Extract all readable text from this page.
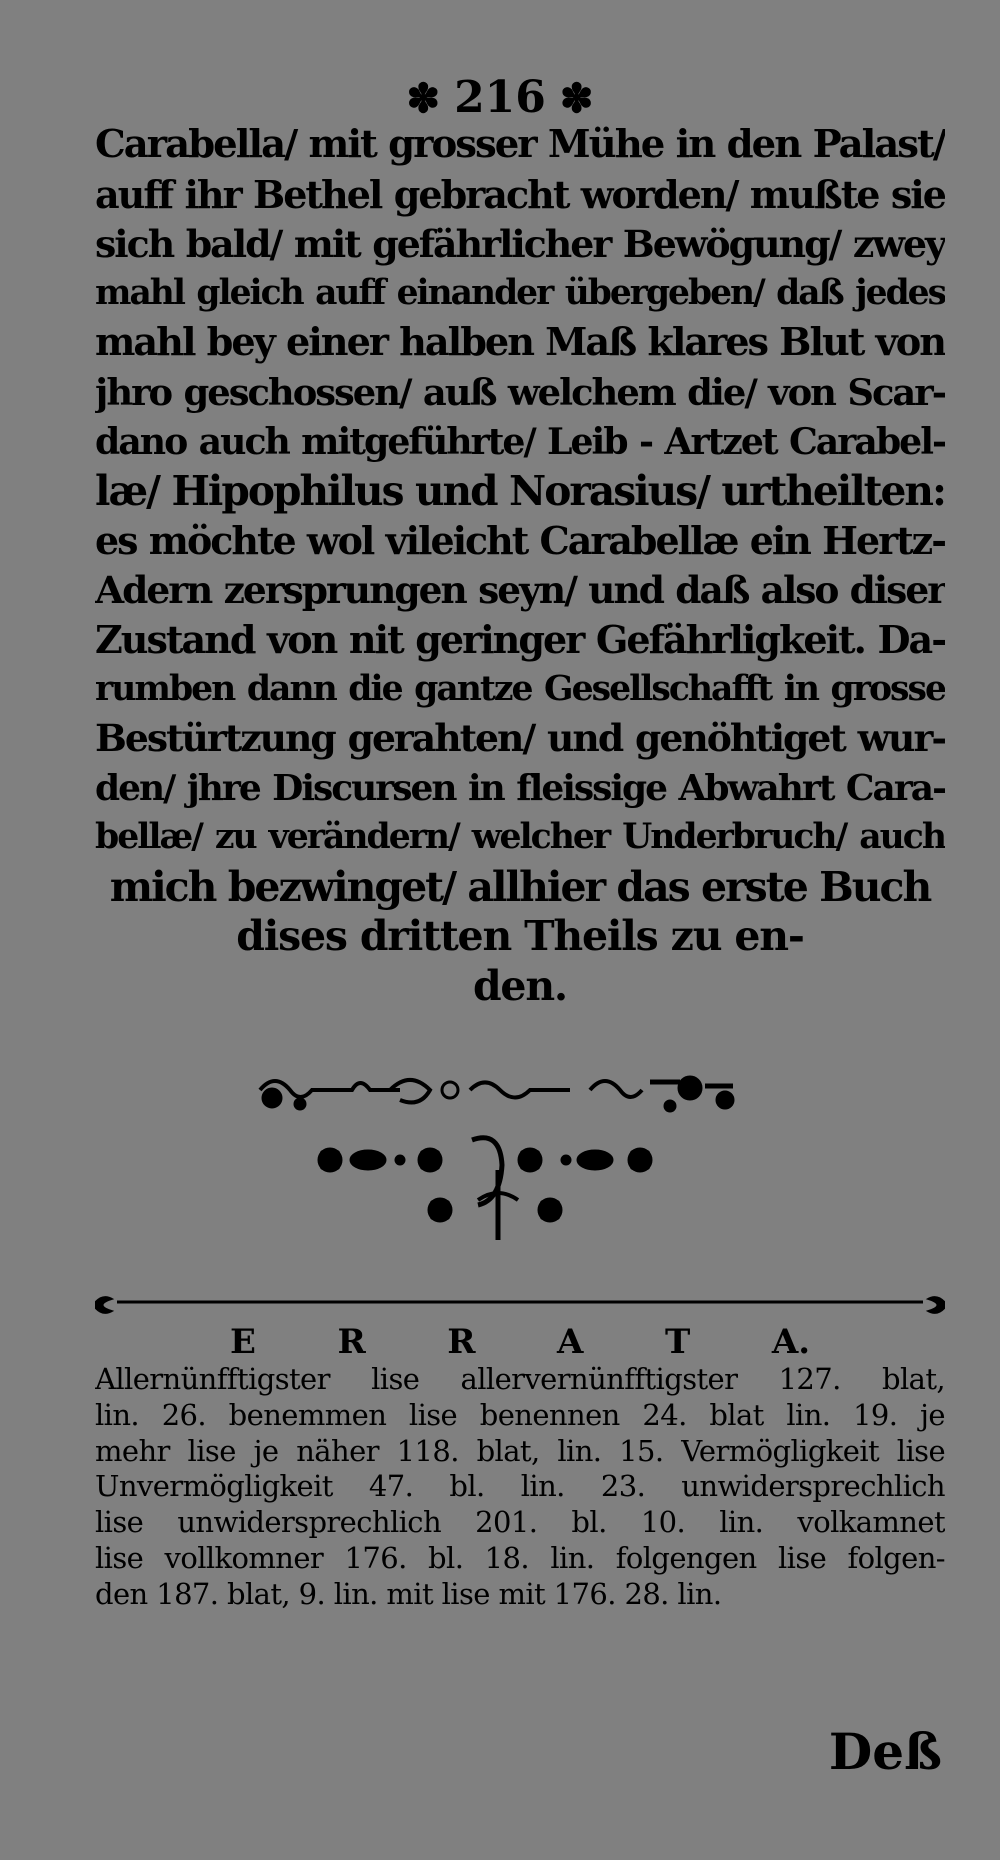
✽ 216 ✽
Carabella/ mit grosser Mühe in den Palast/
auff ihr Bethel gebracht worden/ mußte sie
sich bald/ mit gefährlicher Bewögung/ zwey
mahl gleich auff einander übergeben/ daß jedes
mahl bey einer halben Maß klares Blut von
jhro geschossen/ auß welchem die/ von Scar-
dano auch mitgeführte/ Leib - Artzet Carabel-
læ/ Hipophilus und Norasius/ urtheilten:
es möchte wol vileicht Carabellæ ein Hertz-
Adern zersprungen seyn/ und daß also diser
Zustand von nit geringer Gefährligkeit. Da-
rumben dann die gantze Gesellschafft in grosse
Bestürtzung gerahten/ und genöhtiget wur-
den/ jhre Discursen in fleissige Abwahrt Cara-
bellæ/ zu verändern/ welcher Underbruch/ auch
mich bezwinget/ allhier das erste Buch
dises dritten Theils zu en-
den.
E R R A T A.
Allernünfftigster lise allervernünfftigster 127. blat,
lin. 26. benemmen lise benennen 24. blat lin. 19. je
mehr lise je näher 118. blat, lin. 15. Vermögligkeit lise
Unvermögligkeit 47. bl. lin. 23. unwidersprechlich
lise unwidersprechlich 201. bl. 10. lin. volkamnet
lise vollkomner 176. bl. 18. lin. folgengen lise folgen-
den 187. blat, 9. lin. mit lise mit 176. 28. lin.
Deß
